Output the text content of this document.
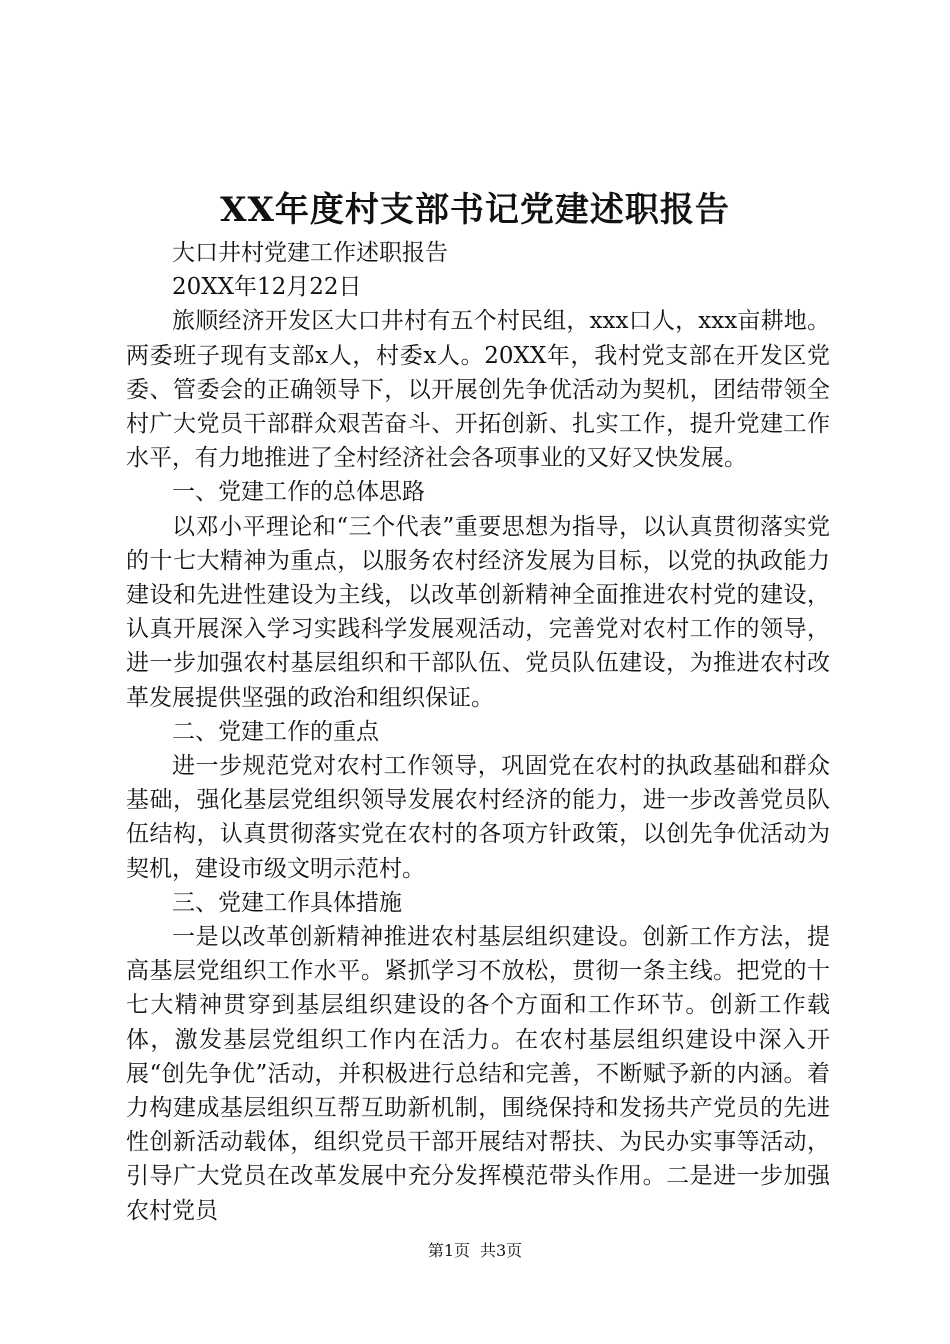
XX年度村支部书记党建述职报告

大口井村党建工作述职报告

20XX年12月22日

旅顺经济开发区大口井村有五个村民组，xxx口人，xxx亩耕地。两委班子现有支部x人，村委x人。20XX年，我村党支部在开发区党委、管委会的正确领导下，以开展创先争优活动为契机，团结带领全村广大党员干部群众艰苦奋斗、开拓创新、扎实工作，提升党建工作水平，有力地推进了全村经济社会各项事业的又好又快发展。

一、党建工作的总体思路

以邓小平理论和“三个代表”重要思想为指导，以认真贯彻落实党的十七大精神为重点，以服务农村经济发展为目标，以党的执政能力建设和先进性建设为主线，以改革创新精神全面推进农村党的建设，认真开展深入学习实践科学发展观活动，完善党对农村工作的领导，进一步加强农村基层组织和干部队伍、党员队伍建设，为推进农村改革发展提供坚强的政治和组织保证。

二、党建工作的重点

进一步规范党对农村工作领导，巩固党在农村的执政基础和群众基础，强化基层党组织领导发展农村经济的能力，进一步改善党员队伍结构，认真贯彻落实党在农村的各项方针政策，以创先争优活动为契机，建设市级文明示范村。

三、党建工作具体措施

一是以改革创新精神推进农村基层组织建设。创新工作方法，提高基层党组织工作水平。紧抓学习不放松，贯彻一条主线。把党的十七大精神贯穿到基层组织建设的各个方面和工作环节。创新工作载体，激发基层党组织工作内在活力。在农村基层组织建设中深入开展“创先争优”活动，并积极进行总结和完善，不断赋予新的内涵。着力构建成基层组织互帮互助新机制，围绕保持和发扬共产党员的先进性创新活动载体，组织党员干部开展结对帮扶、为民办实事等活动，引导广大党员在改革发展中充分发挥模范带头作用。二是进一步加强农村党员

第1页 共3页
